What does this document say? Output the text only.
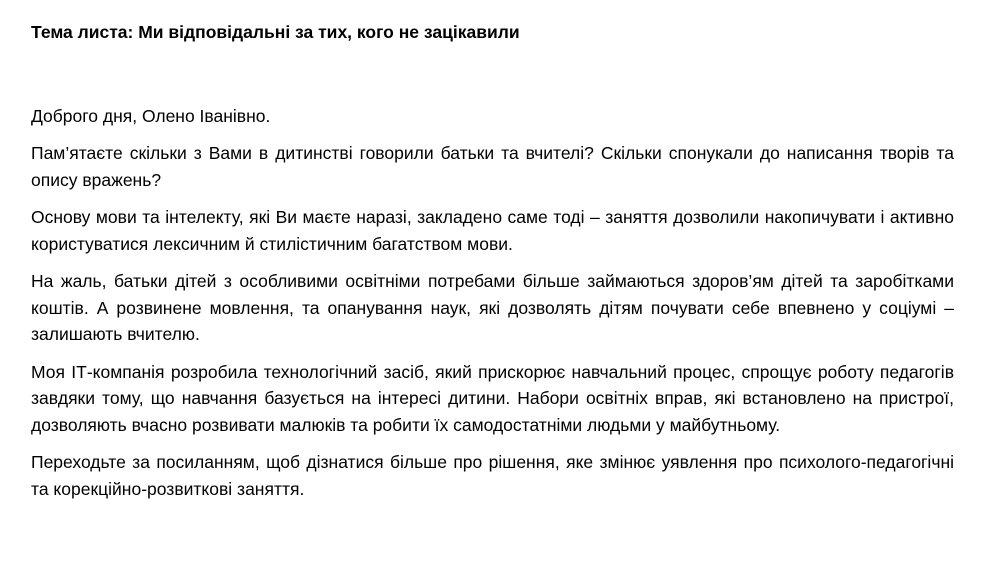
Тема листа: Ми відповідальні за тих, кого не зацікавили

Доброго дня, Олено Іванівно.

Пам’ятаєте скільки з Вами в дитинстві говорили батьки та вчителі? Скільки спонукали до написання творів та опису вражень?

Основу мови та інтелекту, які Ви маєте наразі, закладено саме тоді – заняття дозволили накопичувати і активно користуватися лексичним й стилістичним багатством мови.

На жаль, батьки дітей з особливими освітніми потребами більше займаються здоров’ям дітей та заробітками коштів. А розвинене мовлення, та опанування наук, які дозволять дітям почувати себе впевнено у соціумі – залишають вчителю.

Моя ІТ-компанія розробила технологічний засіб, який прискорює навчальний процес, спрощує роботу педагогів завдяки тому, що навчання базується на інтересі дитини. Набори освітніх вправ, які встановлено на пристрої, дозволяють вчасно розвивати малюків та робити їх самодостатніми людьми у майбутньому.

Переходьте за посиланням, щоб дізнатися більше про рішення, яке змінює уявлення про психолого-педагогічні та корекційно-розвиткові заняття.
